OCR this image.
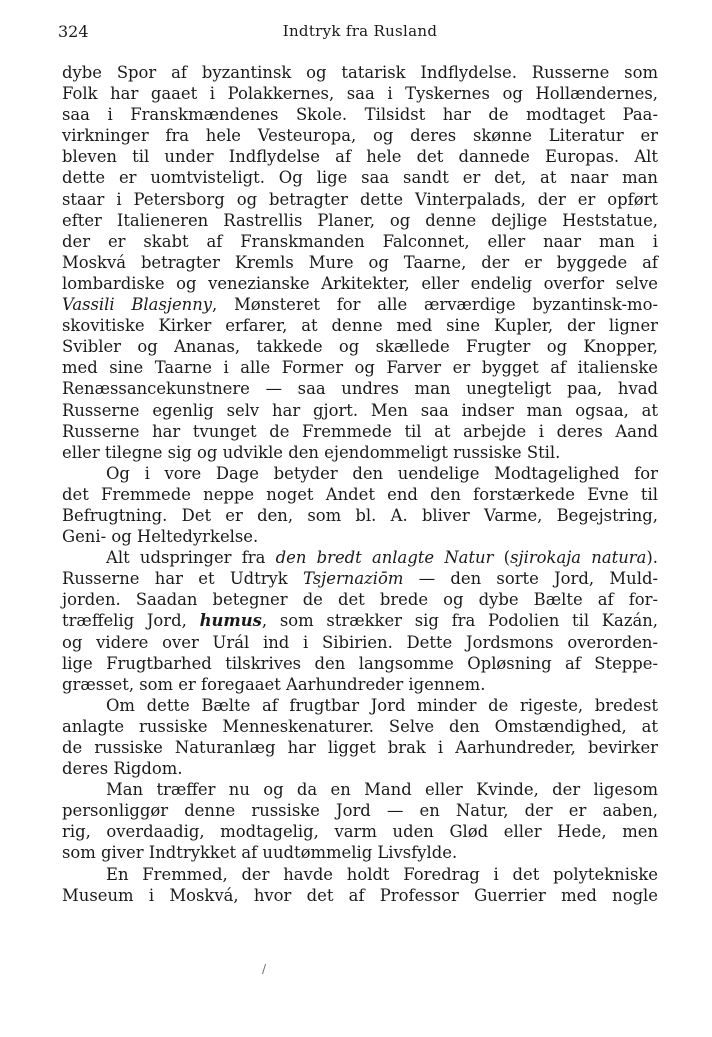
324	Indtryk fra Rusland
dybe Spor af byzantinsk og tatarisk Indflydelse. Russerne som
Folk har gaaet i Polakkernes, saa i Tyskernes og Hollændernes,
saa i Franskmændenes Skole. Tilsidst har de modtaget Paa-
virkninger fra hele Vesteuropa, og deres skønne Literatur er
bleven til under Indflydelse af hele det dannede Europas. Alt
dette er uomtvisteligt. Og lige saa sandt er det, at naar man
staar i Petersborg og betragter dette Vinterpalads, der er opført
efter Italieneren Rastrellis Planer, og denne dejlige Heststatue,
der er skabt af Franskmanden Falconnet, eller naar man i
Moskvá betragter Kremls Mure og Taarne, der er byggede af
lombardiske og venezianske Arkitekter, eller endelig overfor selve
Vassili Blasjenny, Mønsteret for alle ærværdige byzantinsk-mo-
skovitiske Kirker erfarer, at denne med sine Kupler, der ligner
Svibler og Ananas, takkede og skællede Frugter og Knopper,
med sine Taarne i alle Former og Farver er bygget af italienske
Renæssancekunstnere — saa undres man unegteligt paa, hvad
Russerne egenlig selv har gjort. Men saa indser man ogsaa, at
Russerne har tvunget de Fremmede til at arbejde i deres Aand
eller tilegne sig og udvikle den ejendommeligt russiske Stil.
Og i vore Dage betyder den uendelige Modtagelighed for
det Fremmede neppe noget Andet end den forstærkede Evne til
Befrugtning. Det er den, som bl. A. bliver Varme, Begejstring,
Geni- og Heltedyrkelse.
Alt udspringer fra den bredt anlagte Natur (sjirokaja natura).
Russerne har et Udtryk Tsjernaziōm — den sorte Jord, Muld-
jorden. Saadan betegner de det brede og dybe Bælte af for-
træffelig Jord, humus, som strækker sig fra Podolien til Kazán,
og videre over Urál ind i Sibirien. Dette Jordsmons overorden-
lige Frugtbarhed tilskrives den langsomme Opløsning af Steppe-
græsset, som er foregaaet Aarhundreder igennem.
Om dette Bælte af frugtbar Jord minder de rigeste, bredest
anlagte russiske Menneskenaturer. Selve den Omstændighed, at
de russiske Naturanlæg har ligget brak i Aarhundreder, bevirker
deres Rigdom.
Man træffer nu og da en Mand eller Kvinde, der ligesom
personliggør denne russiske Jord — en Natur, der er aaben,
rig, overdaadig, modtagelig, varm uden Glød eller Hede, men
som giver Indtrykket af uudtømmelig Livsfylde.
En Fremmed, der havde holdt Foredrag i det polytekniske
Museum i Moskvá, hvor det af Professor Guerrier med nogle
/
